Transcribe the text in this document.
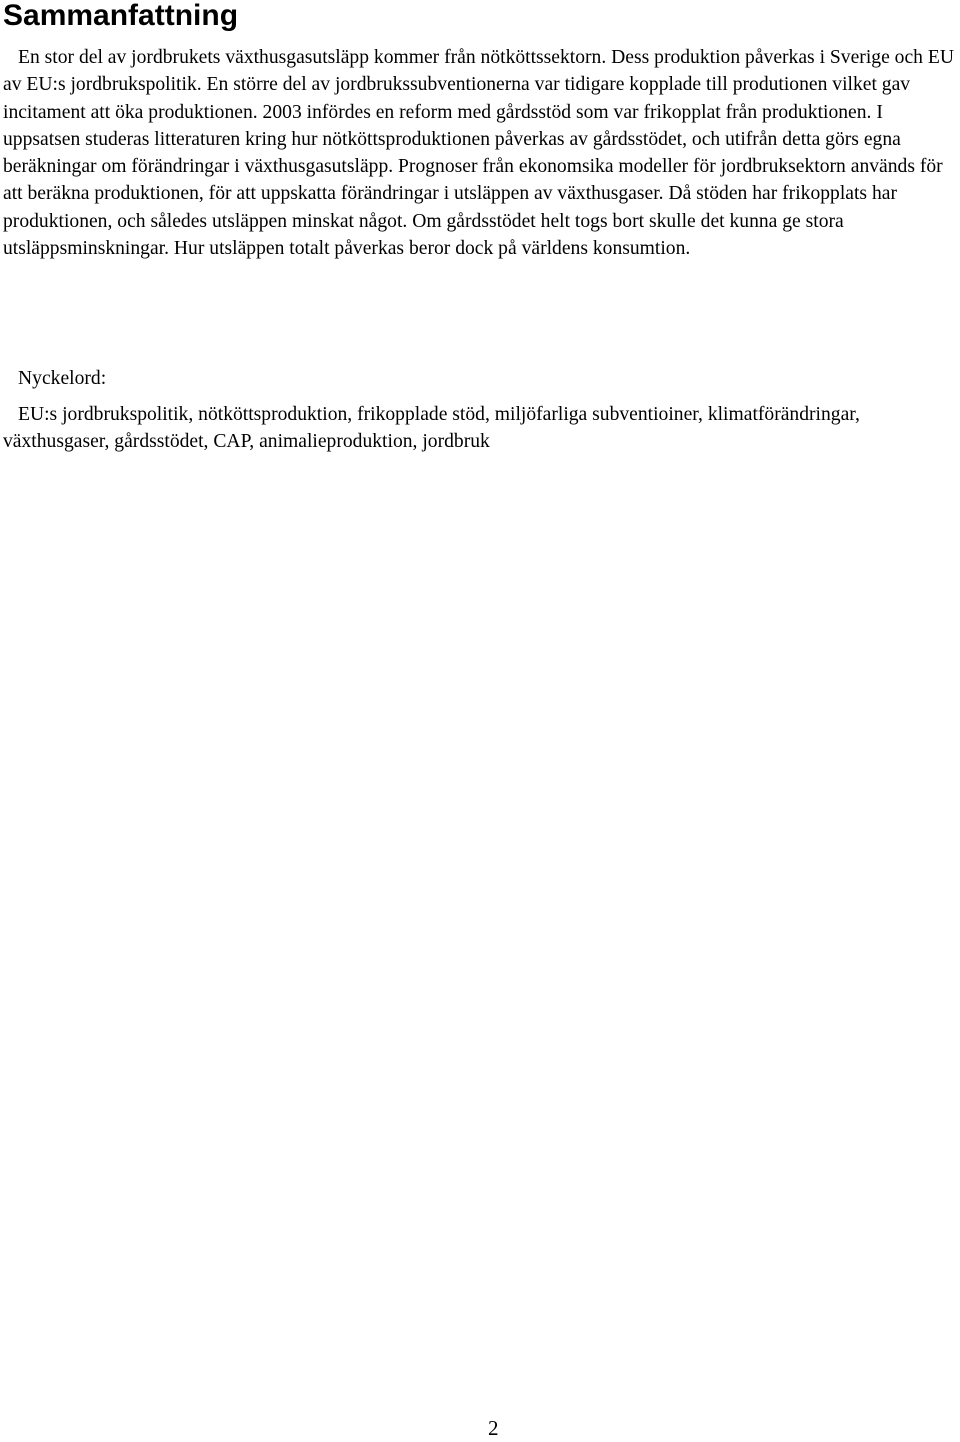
Sammanfattning

En stor del av jordbrukets växthusgasutsläpp kommer från nötköttssektorn. Dess produktion påverkas i Sverige och EU av EU:s jordbrukspolitik. En större del av jordbrukssubventionerna var tidigare kopplade till produtionen vilket gav incitament att öka produktionen. 2003 infördes en reform med gårdsstöd som var frikopplat från produktionen. I uppsatsen studeras litteraturen kring hur nötköttsproduktionen påverkas av gårdsstödet, och utifrån detta görs egna beräkningar om förändringar i växthusgasutsläpp. Prognoser från ekonomsika modeller för jordbruksektorn används för att beräkna produktionen, för att uppskatta förändringar i utsläppen av växthusgaser. Då stöden har frikopplats har produktionen, och således utsläppen minskat något. Om gårdsstödet helt togs bort skulle det kunna ge stora utsläppsminskningar. Hur utsläppen totalt påverkas beror dock på världens konsumtion.

Nyckelord:

EU:s jordbrukspolitik, nötköttsproduktion, frikopplade stöd, miljöfarliga subventioiner, klimatförändringar, växthusgaser, gårdsstödet, CAP, animalieproduktion, jordbruk

2
